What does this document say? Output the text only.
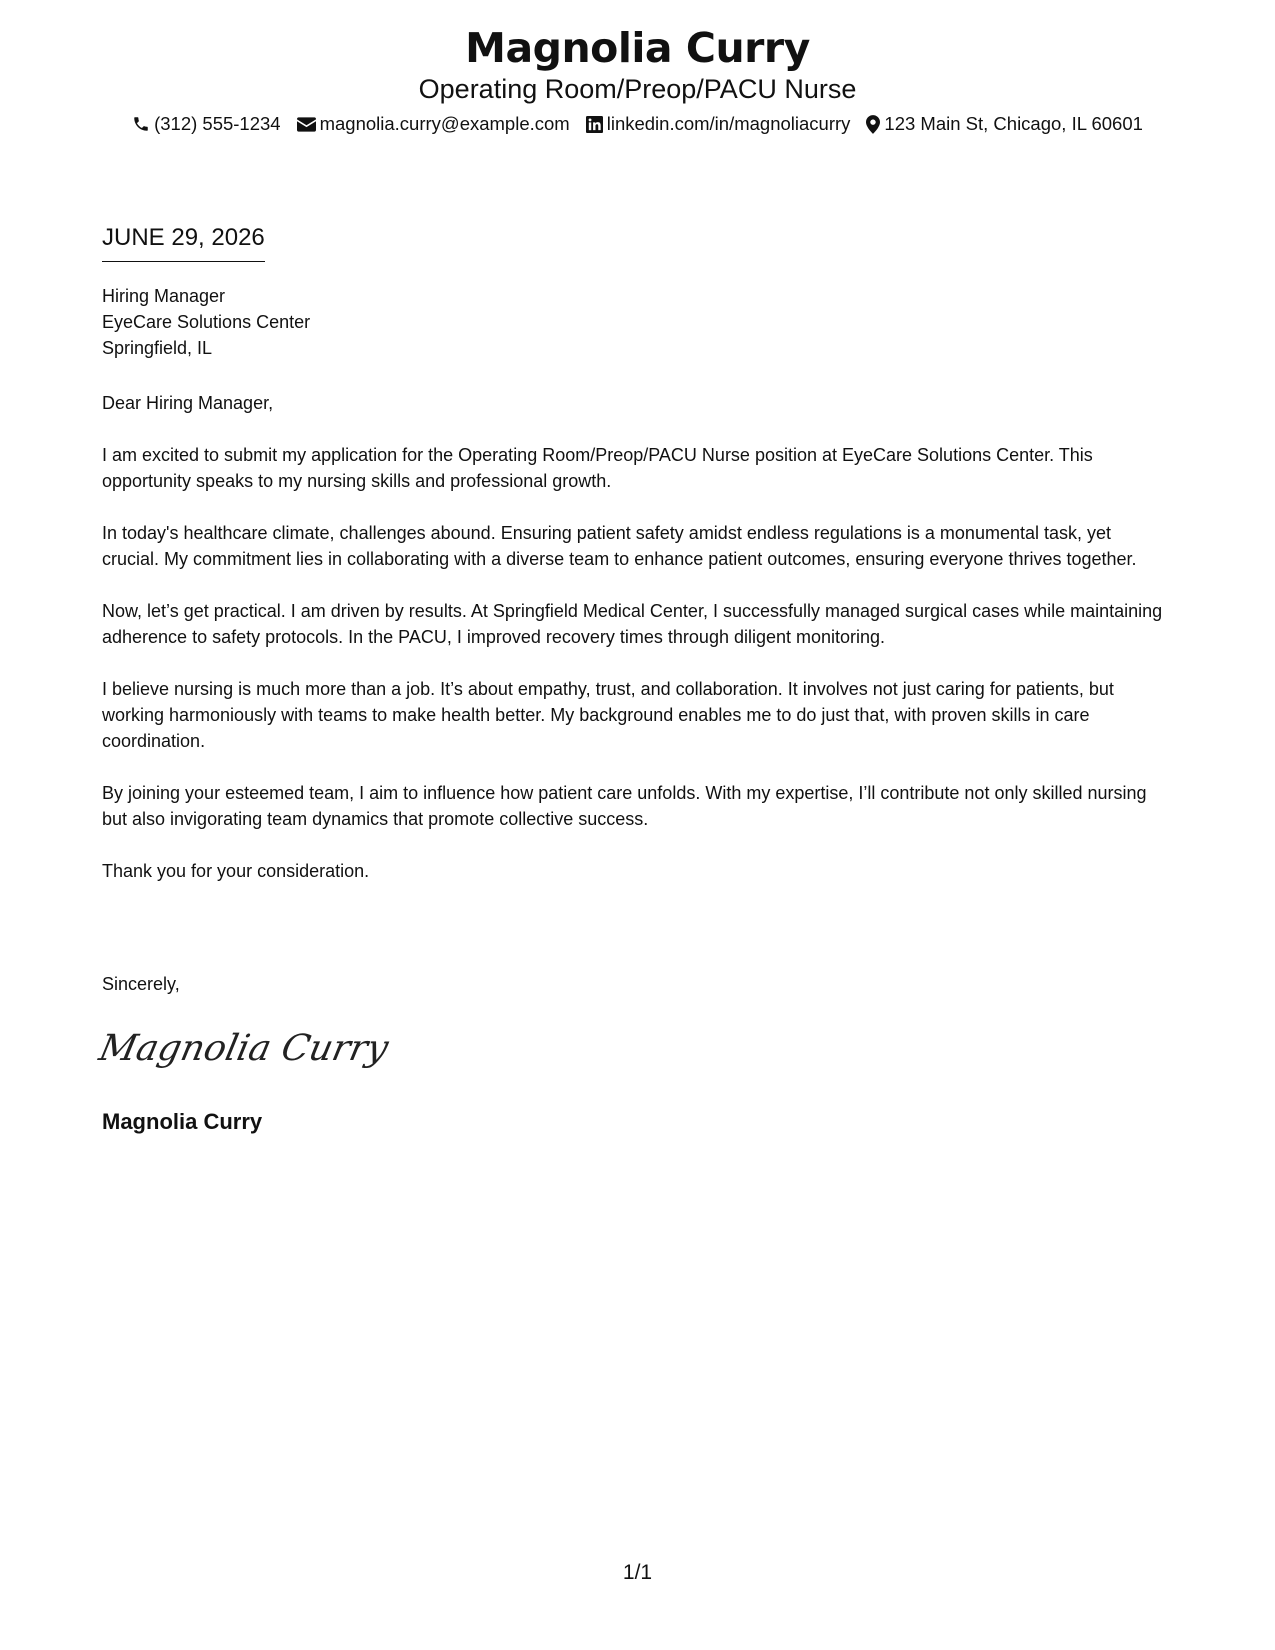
Magnolia Curry
Operating Room/Preop/PACU Nurse
(312) 555-1234 magnolia.curry@example.com linkedin.com/in/magnoliacurry 123 Main St, Chicago, IL 60601
JUNE 29, 2026
Hiring Manager
EyeCare Solutions Center
Springfield, IL

Dear Hiring Manager,

I am excited to submit my application for the Operating Room/Preop/PACU Nurse position at EyeCare Solutions Center. This opportunity speaks to my nursing skills and professional growth.

In today's healthcare climate, challenges abound. Ensuring patient safety amidst endless regulations is a monumental task, yet crucial. My commitment lies in collaborating with a diverse team to enhance patient outcomes, ensuring everyone thrives together.

Now, let’s get practical. I am driven by results. At Springfield Medical Center, I successfully managed surgical cases while maintaining adherence to safety protocols. In the PACU, I improved recovery times through diligent monitoring.

I believe nursing is much more than a job. It’s about empathy, trust, and collaboration. It involves not just caring for patients, but working harmoniously with teams to make health better. My background enables me to do just that, with proven skills in care coordination.

By joining your esteemed team, I aim to influence how patient care unfolds. With my expertise, I’ll contribute not only skilled nursing but also invigorating team dynamics that promote collective success.

Thank you for your consideration.

Sincerely,
Magnolia Curry
Magnolia Curry
1/1
